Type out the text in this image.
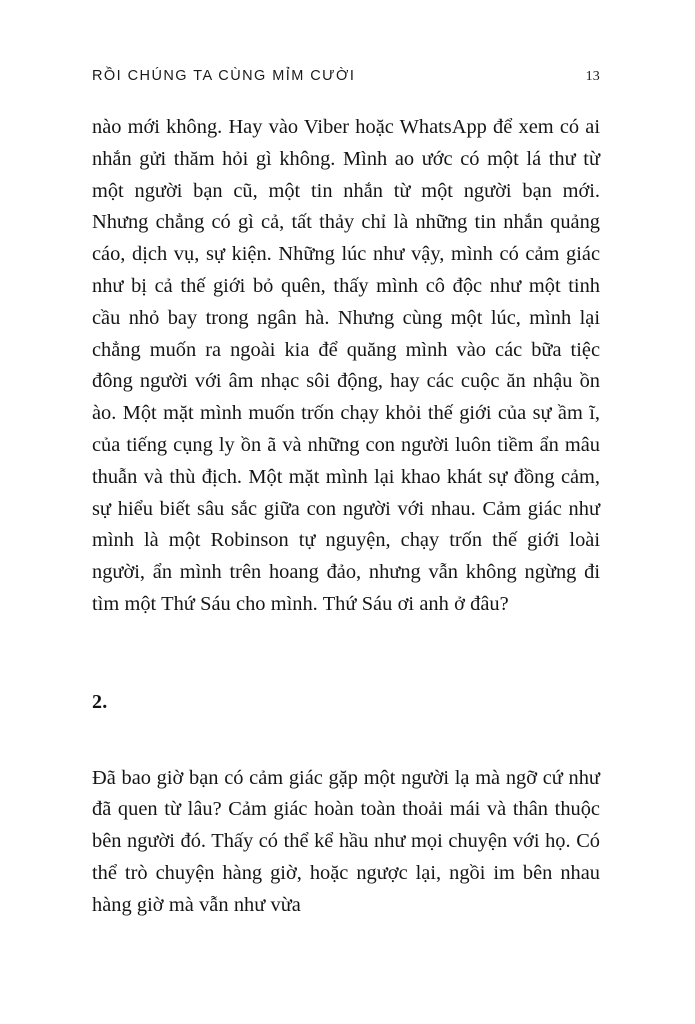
RỒI CHÚNG TA CÙNG MỈM CƯỜI	13

nào mới không. Hay vào Viber hoặc WhatsApp để xem có ai nhắn gửi thăm hỏi gì không. Mình ao ước có một lá thư từ một người bạn cũ, một tin nhắn từ một người bạn mới. Nhưng chẳng có gì cả, tất thảy chỉ là những tin nhắn quảng cáo, dịch vụ, sự kiện. Những lúc như vậy, mình có cảm giác như bị cả thế giới bỏ quên, thấy mình cô độc như một tinh cầu nhỏ bay trong ngân hà. Nhưng cùng một lúc, mình lại chẳng muốn ra ngoài kia để quăng mình vào các bữa tiệc đông người với âm nhạc sôi động, hay các cuộc ăn nhậu ồn ào. Một mặt mình muốn trốn chạy khỏi thế giới của sự ầm ĩ, của tiếng cụng ly ồn ã và những con người luôn tiềm ẩn mâu thuẫn và thù địch. Một mặt mình lại khao khát sự đồng cảm, sự hiểu biết sâu sắc giữa con người với nhau. Cảm giác như mình là một Robinson tự nguyện, chạy trốn thế giới loài người, ẩn mình trên hoang đảo, nhưng vẫn không ngừng đi tìm một Thứ Sáu cho mình. Thứ Sáu ơi anh ở đâu?

2.

Đã bao giờ bạn có cảm giác gặp một người lạ mà ngỡ cứ như đã quen từ lâu? Cảm giác hoàn toàn thoải mái và thân thuộc bên người đó. Thấy có thể kể hầu như mọi chuyện với họ. Có thể trò chuyện hàng giờ, hoặc ngược lại, ngồi im bên nhau hàng giờ mà vẫn như vừa
